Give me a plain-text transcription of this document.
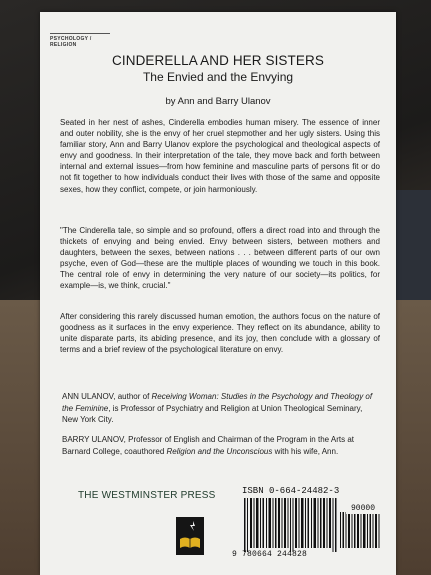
PSYCHOLOGY / RELIGION
CINDERELLA AND HER SISTERS
The Envied and the Envying
by Ann and Barry Ulanov
Seated in her nest of ashes, Cinderella embodies human misery. The essence of inner and outer nobility, she is the envy of her cruel stepmother and her ugly sisters. Using this familiar story, Ann and Barry Ulanov explore the psychological and theological aspects of envy and goodness. In their interpretation of the tale, they move back and forth between internal and external issues—from how feminine and masculine parts of persons fit or do not fit together to how individuals conduct their lives with those of the same and opposite sexes, how they conflict, compete, or join harmoniously.
"The Cinderella tale, so simple and so profound, offers a direct road into and through the thickets of envying and being envied. Envy between sisters, between mothers and daughters, between the sexes, between nations . . . between different parts of our own psyche, even of God—these are the multiple places of wounding we touch in this book. The central role of envy in determining the very nature of our society—its politics, for example—is, we think, crucial."
After considering this rarely discussed human emotion, the authors focus on the nature of goodness as it surfaces in the envy experience. They reflect on its abundance, ability to unite disparate parts, its abiding presence, and its joy, then conclude with a glossary of terms and a brief review of the psychological literature on envy.
ANN ULANOV, author of Receiving Woman: Studies in the Psychology and Theology of the Feminine, is Professor of Psychiatry and Religion at Union Theological Seminary, New York City.
BARRY ULANOV, Professor of English and Chairman of the Program in the Arts at Barnard College, coauthored Religion and the Unconscious with his wife, Ann.
THE WESTMINSTER PRESS	ISBN 0-664-24482-3
90000
9 780664 244828
